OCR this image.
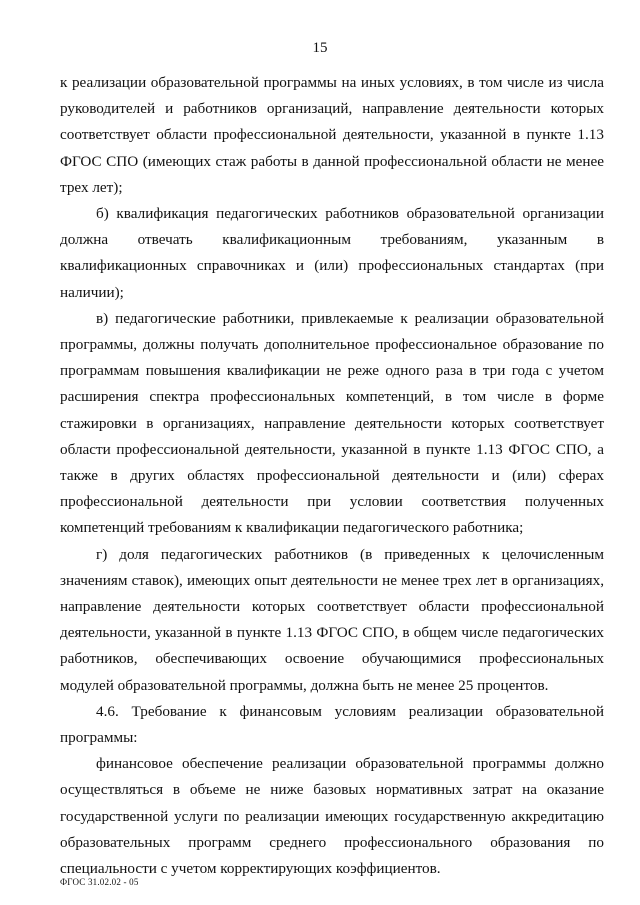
15

к реализации образовательной программы на иных условиях, в том числе из числа руководителей и работников организаций, направление деятельности которых соответствует области профессиональной деятельности, указанной в пункте 1.13 ФГОС СПО (имеющих стаж работы в данной профессиональной области не менее трех лет);

б) квалификация педагогических работников образовательной организации должна отвечать квалификационным требованиям, указанным в квалификационных справочниках и (или) профессиональных стандартах (при наличии);

в) педагогические работники, привлекаемые к реализации образовательной программы, должны получать дополнительное профессиональное образование по программам повышения квалификации не реже одного раза в три года с учетом расширения спектра профессиональных компетенций, в том числе в форме стажировки в организациях, направление деятельности которых соответствует области профессиональной деятельности, указанной в пункте 1.13 ФГОС СПО, а также в других областях профессиональной деятельности и (или) сферах профессиональной деятельности при условии соответствия полученных компетенций требованиям к квалификации педагогического работника;

г) доля педагогических работников (в приведенных к целочисленным значениям ставок), имеющих опыт деятельности не менее трех лет в организациях, направление деятельности которых соответствует области профессиональной деятельности, указанной в пункте 1.13 ФГОС СПО, в общем числе педагогических работников, обеспечивающих освоение обучающимися профессиональных модулей образовательной программы, должна быть не менее 25 процентов.

4.6. Требование к финансовым условиям реализации образовательной программы:

финансовое обеспечение реализации образовательной программы должно осуществляться в объеме не ниже базовых нормативных затрат на оказание государственной услуги по реализации имеющих государственную аккредитацию образовательных программ среднего профессионального образования по специальности с учетом корректирующих коэффициентов.

ФГОС 31.02.02 - 05
